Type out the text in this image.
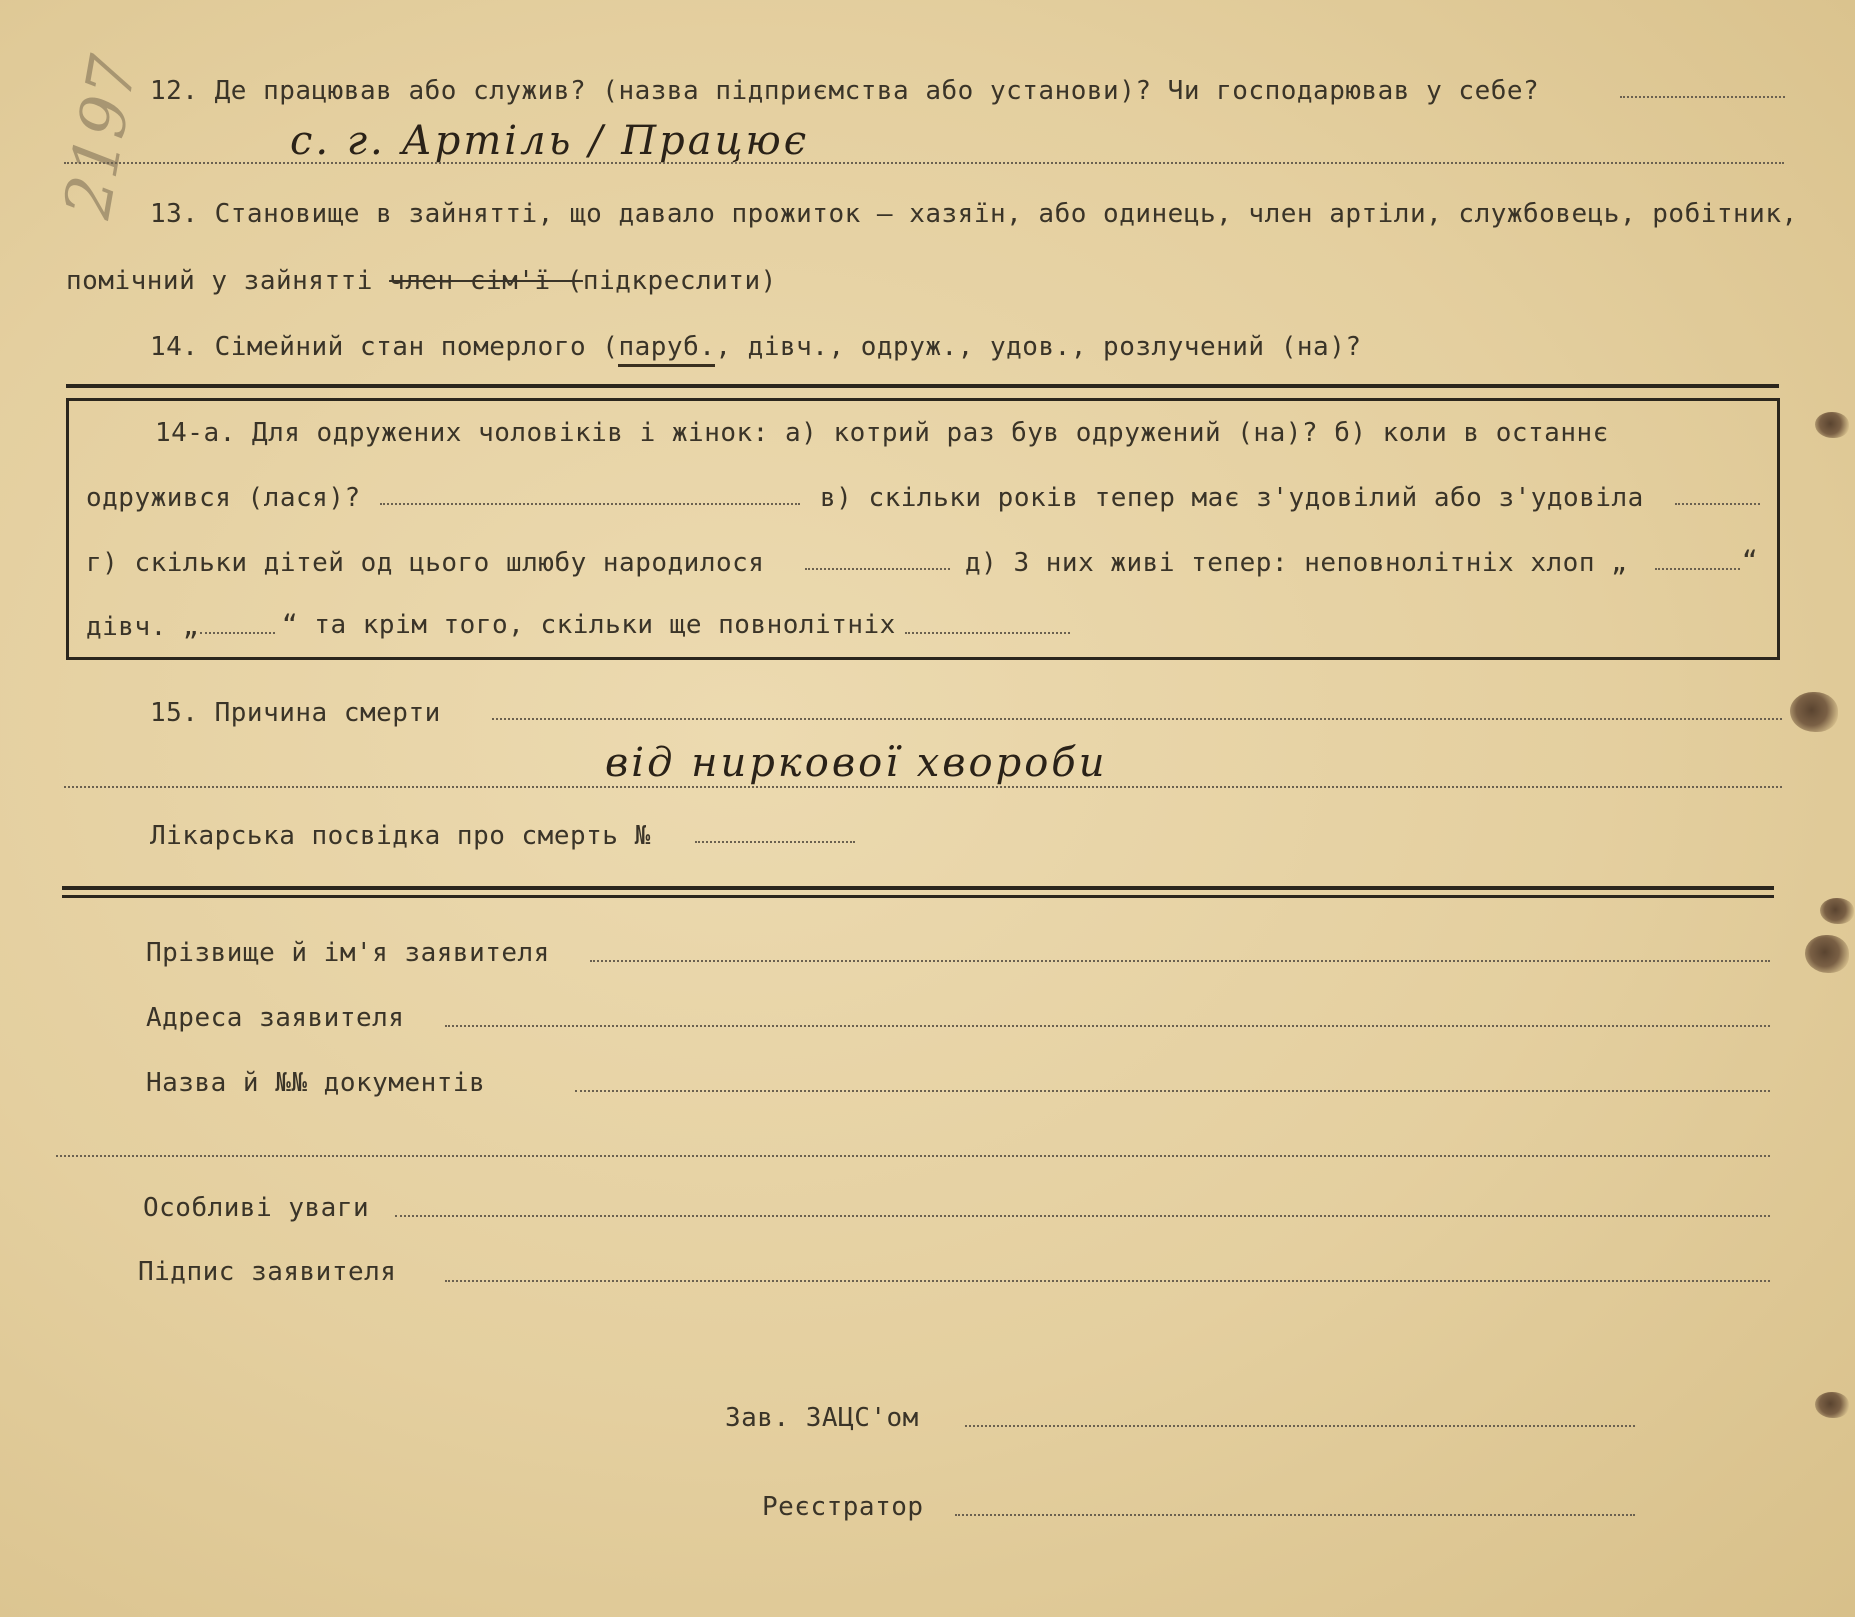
2197
12. Де працював або служив? (назва підприємства або установи)? Чи господарював у себе?
с. г. Артіль / Працює
13. Становище в зайнятті, що давало прожиток — хазяїн, або одинець, член артіли, службовець, робітник,
помічний у зайнятті член сім'ї (підкреслити)
14. Сімейний стан померлого (паруб., дівч., одруж., удов., розлучений (на)?
14-а. Для одружених чоловіків і жінок: а) котрий раз був одружений (на)? б) коли в останнє
одружився (лася)?	в) скільки років тепер має з'удовілий або з'удовіла
г) скільки дітей од цього шлюбу народилося	д) З них живі тепер: неповнолітніх хлоп „	“
дівч. „	“ та крім того, скільки ще повнолітніх
15. Причина смерти
від ниркової хвороби
Лікарська посвідка про смерть №
Прізвище й ім'я заявителя
Адреса заявителя
Назва й №№ документів
Особливі уваги
Підпис заявителя
Зав. ЗАЦС'ом
Реєстратор
